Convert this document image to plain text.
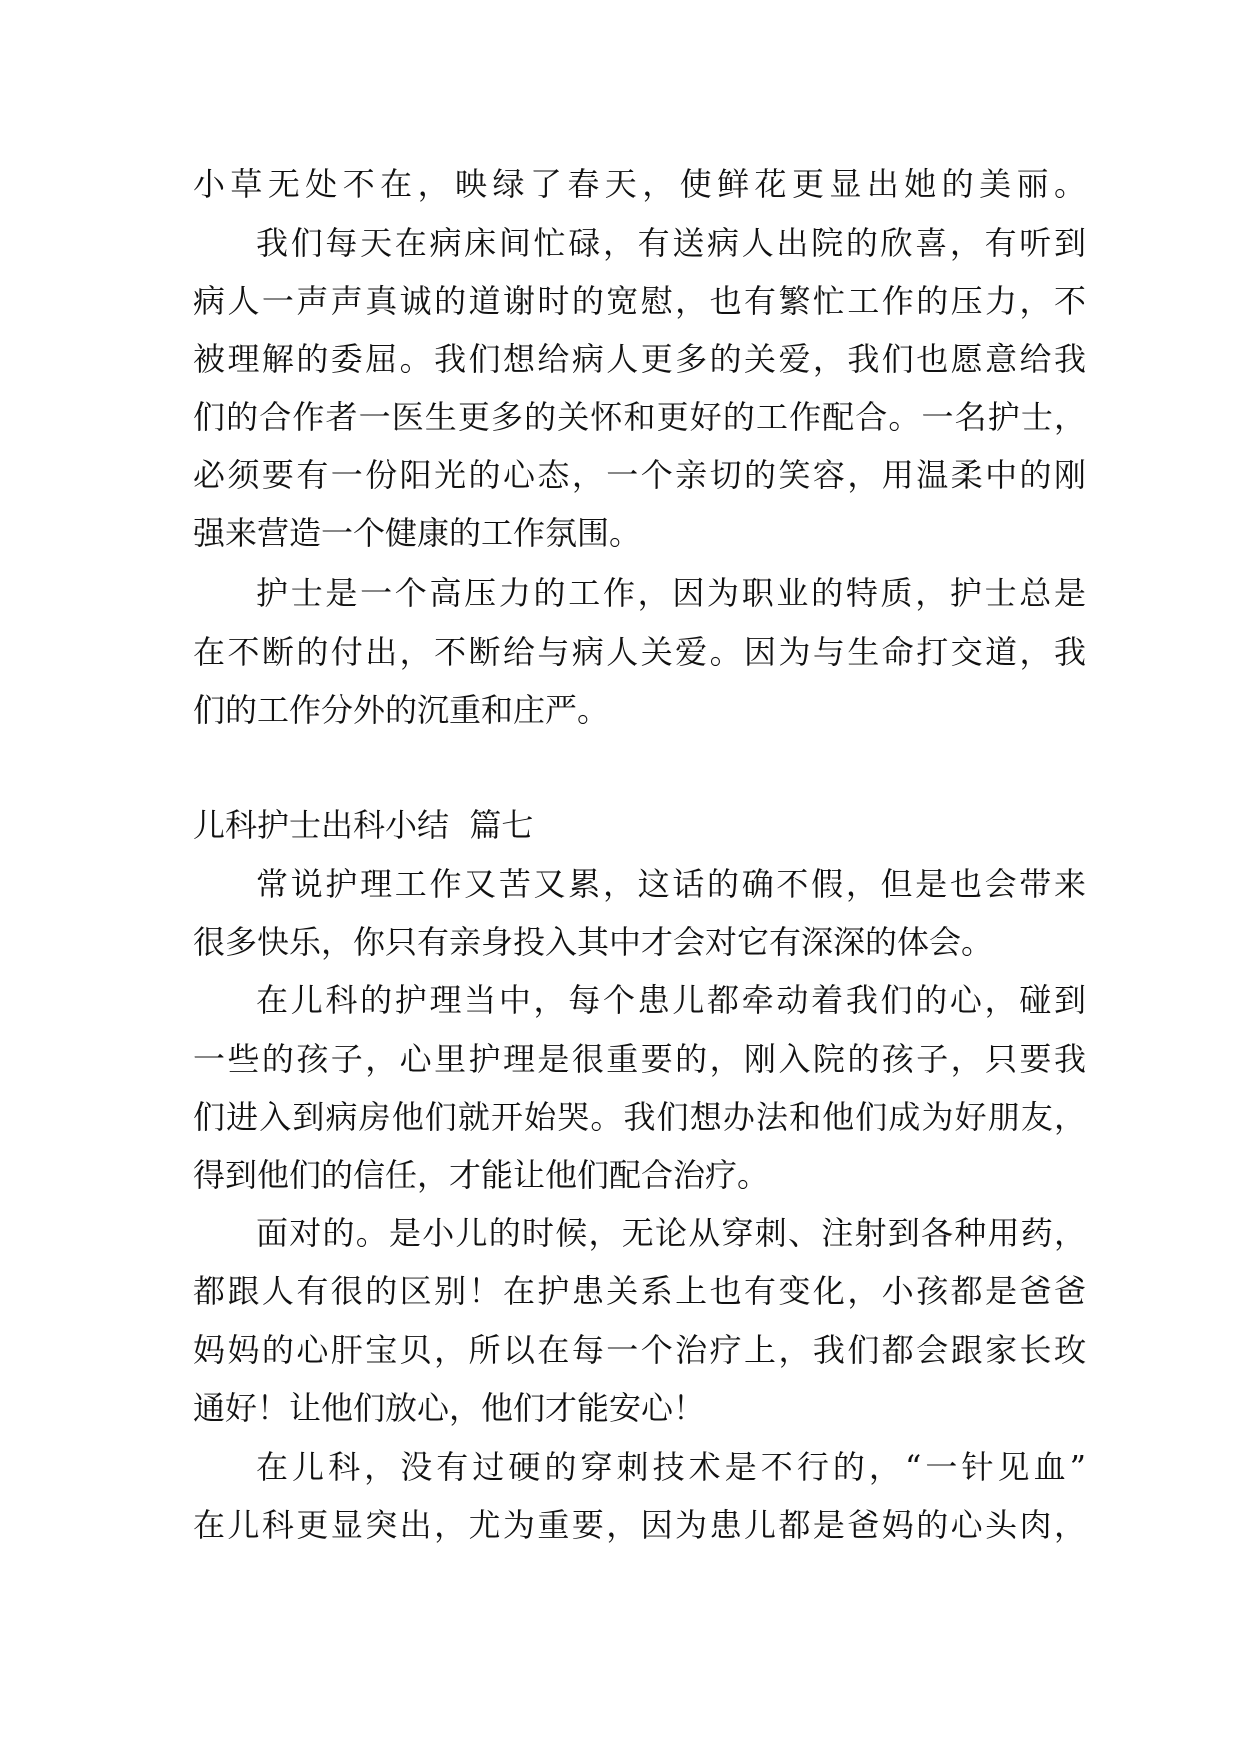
小草无处不在，映绿了春天，使鲜花更显出她的美丽。
我们每天在病床间忙碌，有送病人出院的欣喜，有听到
病人一声声真诚的道谢时的宽慰，也有繁忙工作的压力，不
被理解的委屈。我们想给病人更多的关爱，我们也愿意给我
们的合作者一医生更多的关怀和更好的工作配合。一名护士，
必须要有一份阳光的心态，一个亲切的笑容，用温柔中的刚
强来营造一个健康的工作氛围。
护士是一个高压力的工作，因为职业的特质，护士总是
在不断的付出，不断给与病人关爱。因为与生命打交道，我
们的工作分外的沉重和庄严。
儿科护士出科小结  篇七
常说护理工作又苦又累，这话的确不假，但是也会带来
很多快乐，你只有亲身投入其中才会对它有深深的体会。
在儿科的护理当中，每个患儿都牵动着我们的心，碰到
一些的孩子，心里护理是很重要的，刚入院的孩子，只要我
们进入到病房他们就开始哭。我们想办法和他们成为好朋友，
得到他们的信任，才能让他们配合治疗。
面对的。是小儿的时候，无论从穿刺、注射到各种用药，
都跟人有很的区别！在护患关系上也有变化，小孩都是爸爸
妈妈的心肝宝贝，所以在每一个治疗上，我们都会跟家长玫
通好！让他们放心，他们才能安心！
在儿科，没有过硬的穿刺技术是不行的，“一针见血”
在儿科更显突出，尤为重要，因为患儿都是爸妈的心头肉，
